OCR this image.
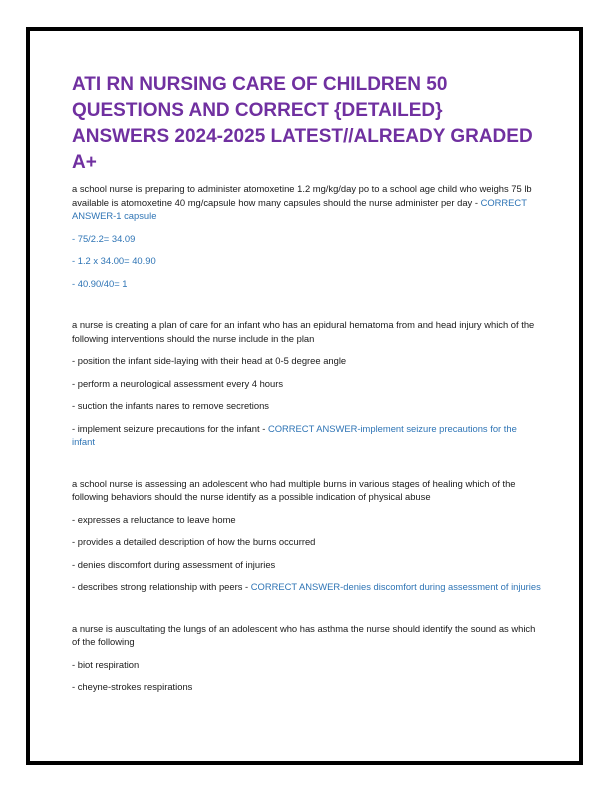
ATI RN NURSING CARE OF CHILDREN 50 QUESTIONS AND CORRECT {DETAILED} ANSWERS 2024-2025 LATEST//ALREADY GRADED A+

a school nurse is preparing to administer atomoxetine 1.2 mg/kg/day po to a school age child who weighs 75 lb available is atomoxetine 40 mg/capsule how many capsules should the nurse administer per day - CORRECT ANSWER-1 capsule

- 75/2.2= 34.09

- 1.2 x 34.00= 40.90

- 40.90/40= 1

a nurse is creating a plan of care for an infant who has an epidural hematoma from and head injury which of the following interventions should the nurse include in the plan

- position the infant side-laying with their head at 0-5 degree angle

- perform a neurological assessment every 4 hours

- suction the infants nares to remove secretions

- implement seizure precautions for the infant - CORRECT ANSWER-implement seizure precautions for the infant

a school nurse is assessing an adolescent who had multiple burns in various stages of healing which of the following behaviors should the nurse identify as a possible indication of physical abuse

- expresses a reluctance to leave home

- provides a detailed description of how the burns occurred

- denies discomfort during assessment of injuries

- describes strong relationship with peers - CORRECT ANSWER-denies discomfort during assessment of injuries

a nurse is auscultating the lungs of an adolescent who has asthma the nurse should identify the sound as which of the following

- biot respiration

- cheyne-strokes respirations
